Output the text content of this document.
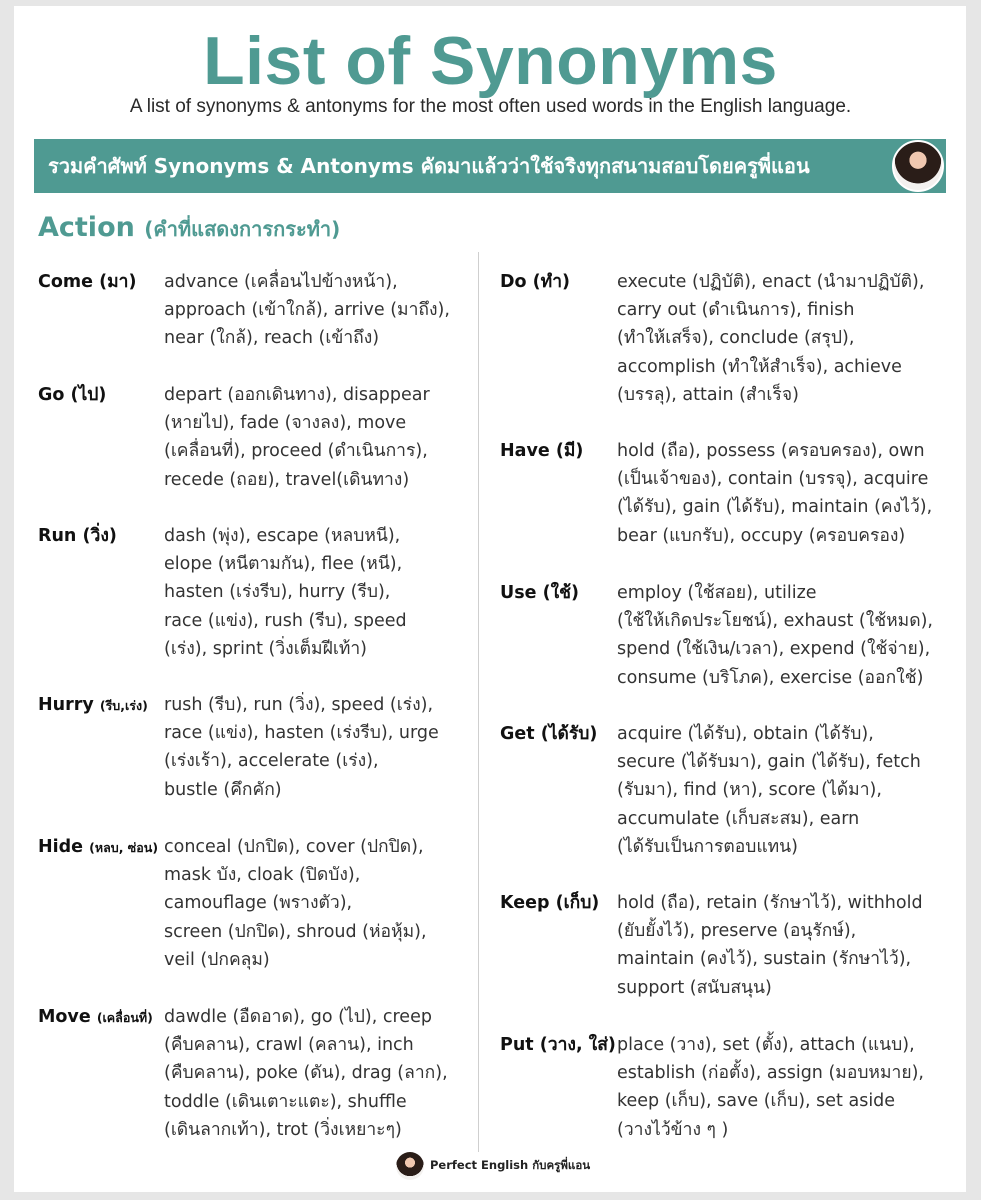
List of Synonyms
A list of synonyms & antonyms for the most often used words in the English language.
รวมคำศัพท์ Synonyms & Antonyms คัดมาแล้วว่าใช้จริงทุกสนามสอบโดยครูพี่แอน
Action (คำที่แสดงการกระทำ)
Come (มา) advance (เคลื่อนไปข้างหน้า),
approach (เข้าใกล้), arrive (มาถึง),
near (ใกล้), reach (เข้าถึง)
Go (ไป)	depart (ออกเดินทาง), disappear
(หายไป), fade (จางลง), move
(เคลื่อนที่), proceed (ดำเนินการ),
recede (ถอย), travel(เดินทาง)
Run (วิ่ง)	dash (พุ่ง), escape (หลบหนี),
elope (หนีตามกัน), flee (หนี),
hasten (เร่งรีบ), hurry (รีบ),
race (แข่ง), rush (รีบ), speed
(เร่ง), sprint (วิ่งเต็มฝีเท้า)
Hurry (รีบ,เร่ง) rush (รีบ), run (วิ่ง), speed (เร่ง),
race (แข่ง), hasten (เร่งรีบ), urge
(เร่งเร้า), accelerate (เร่ง),
bustle (คึกคัก)
Hide (หลบ, ซ่อน) conceal (ปกปิด), cover (ปกปิด),
mask บัง, cloak (ปิดบัง),
camouflage (พรางตัว),
screen (ปกปิด), shroud (ห่อหุ้ม),
veil (ปกคลุม)
Move (เคลื่อนที่) dawdle (อืดอาด), go (ไป), creep
(คืบคลาน), crawl (คลาน), inch
(คืบคลาน), poke (ดัน), drag (ลาก),
toddle (เดินเตาะแตะ), shuffle
(เดินลากเท้า), trot (วิ่งเหยาะๆ)
Do (ทำ)	execute (ปฏิบัติ), enact (นำมาปฏิบัติ),
carry out (ดำเนินการ), finish
(ทำให้เสร็จ), conclude (สรุป),
accomplish (ทำให้สำเร็จ), achieve
(บรรลุ), attain (สำเร็จ)
Have (มี) hold (ถือ), possess (ครอบครอง), own
(เป็นเจ้าของ), contain (บรรจุ), acquire
(ได้รับ), gain (ได้รับ), maintain (คงไว้),
bear (แบกรับ), occupy (ครอบครอง)
Use (ใช้) employ (ใช้สอย), utilize
(ใช้ให้เกิดประโยชน์), exhaust (ใช้หมด),
spend (ใช้เงิน/เวลา), expend (ใช้จ่าย),
consume (บริโภค), exercise (ออกใช้)
Get (ได้รับ) acquire (ได้รับ), obtain (ได้รับ),
secure (ได้รับมา), gain (ได้รับ), fetch
(รับมา), find (หา), score (ได้มา),
accumulate (เก็บสะสม), earn
(ได้รับเป็นการตอบแทน)
Keep (เก็บ) hold (ถือ), retain (รักษาไว้), withhold
(ยับยั้งไว้), preserve (อนุรักษ์),
maintain (คงไว้), sustain (รักษาไว้),
support (สนับสนุน)
Put (วาง, ใส่) place (วาง), set (ตั้ง), attach (แนบ),
establish (ก่อตั้ง), assign (มอบหมาย),
keep (เก็บ), save (เก็บ), set aside
(วางไว้ข้าง ๆ )
Perfect English กับครูพี่แอน
